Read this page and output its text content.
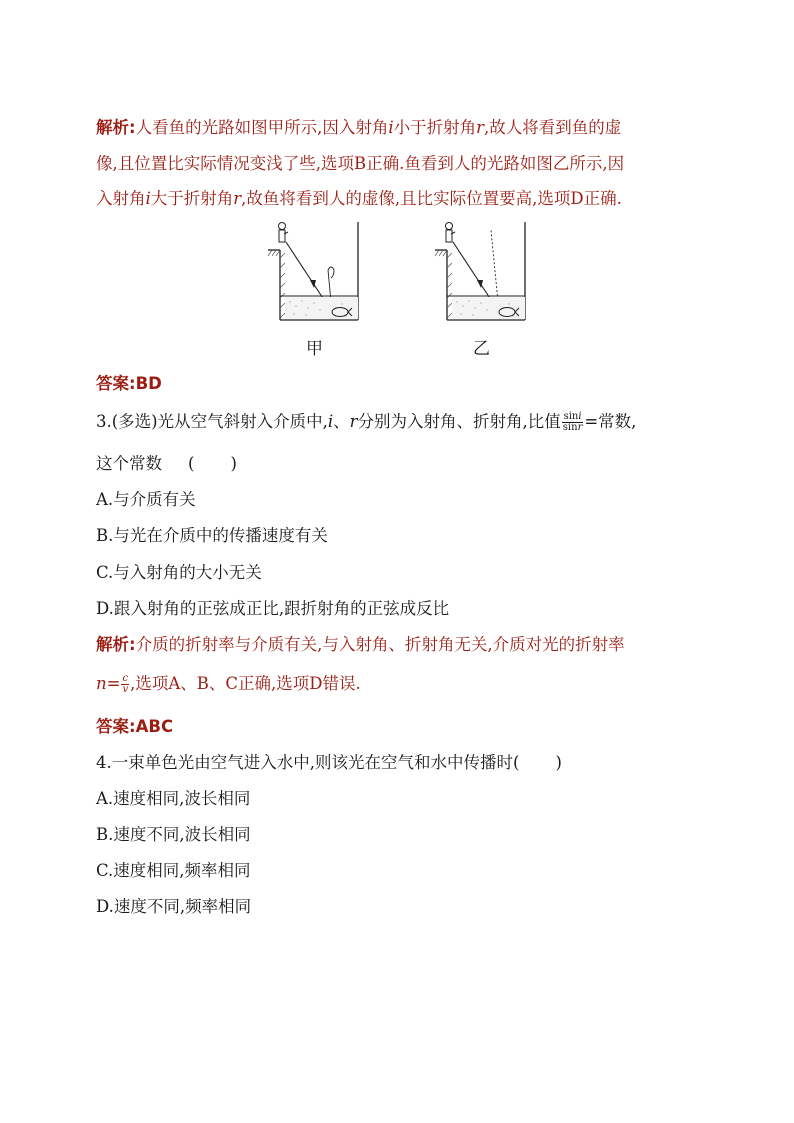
解析:人看鱼的光路如图甲所示,因入射角i小于折射角r,故人将看到鱼的虚
像,且位置比实际情况变浅了些,选项B正确.鱼看到人的光路如图乙所示,因
入射角i大于折射角r,故鱼将看到人的虚像,且比实际位置要高,选项D正确.
甲	乙
答案:BD
3.(多选)光从空气斜射入介质中,i、r分别为入射角、折射角,比值 $\frac{\sin i}{\sin r}$ =常数,
这个常数 ( )
A.与介质有关
B.与光在介质中的传播速度有关
C.与入射角的大小无关
D.跟入射角的正弦成正比,跟折射角的正弦成反比
解析:介质的折射率与介质有关,与入射角、折射角无关,介质对光的折射率
$n= \frac{c}{v}$ ,选项A、B、C正确,选项D错误.
答案:ABC
4.一束单色光由空气进入水中,则该光在空气和水中传播时( )
A.速度相同,波长相同
B.速度不同,波长相同
C.速度相同,频率相同
D.速度不同,频率相同
